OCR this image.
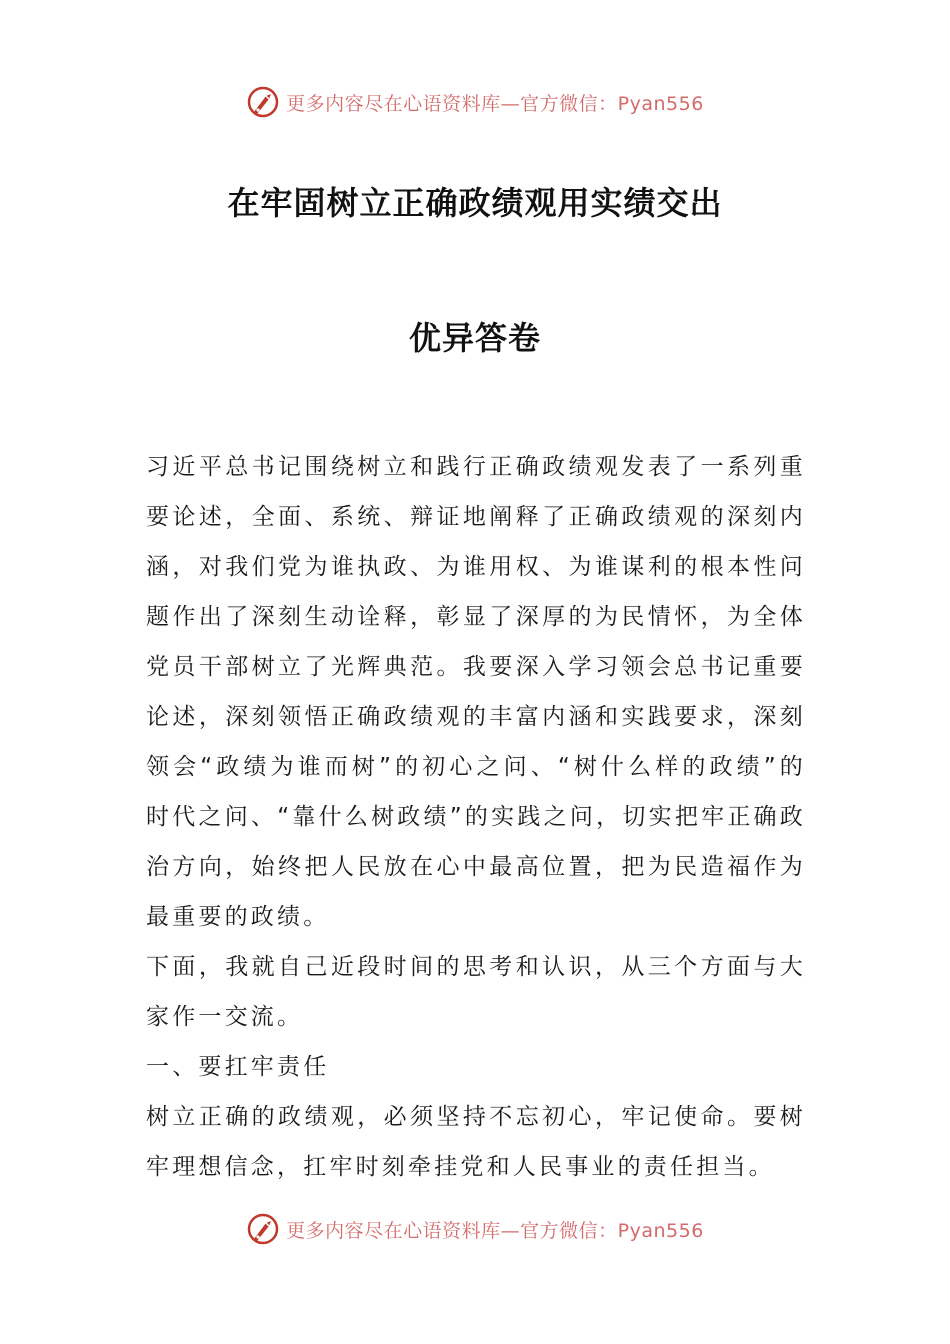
更多内容尽在心语资料库—官方微信：Pyan556
在牢固树立正确政绩观用实绩交出
优异答卷

习近平总书记围绕树立和践行正确政绩观发表了一系列重要论述，全面、系统、辩证地阐释了正确政绩观的深刻内涵，对我们党为谁执政、为谁用权、为谁谋利的根本性问题作出了深刻生动诠释，彰显了深厚的为民情怀，为全体党员干部树立了光辉典范。我要深入学习领会总书记重要论述，深刻领悟正确政绩观的丰富内涵和实践要求，深刻领会“政绩为谁而树”的初心之问、“树什么样的政绩”的时代之问、“靠什么树政绩”的实践之问，切实把牢正确政治方向，始终把人民放在心中最高位置，把为民造福作为最重要的政绩。

下面，我就自己近段时间的思考和认识，从三个方面与大家作一交流。

一、要扛牢责任

树立正确的政绩观，必须坚持不忘初心，牢记使命。要树牢理想信念，扛牢时刻牵挂党和人民事业的责任担当。

更多内容尽在心语资料库—官方微信：Pyan556
